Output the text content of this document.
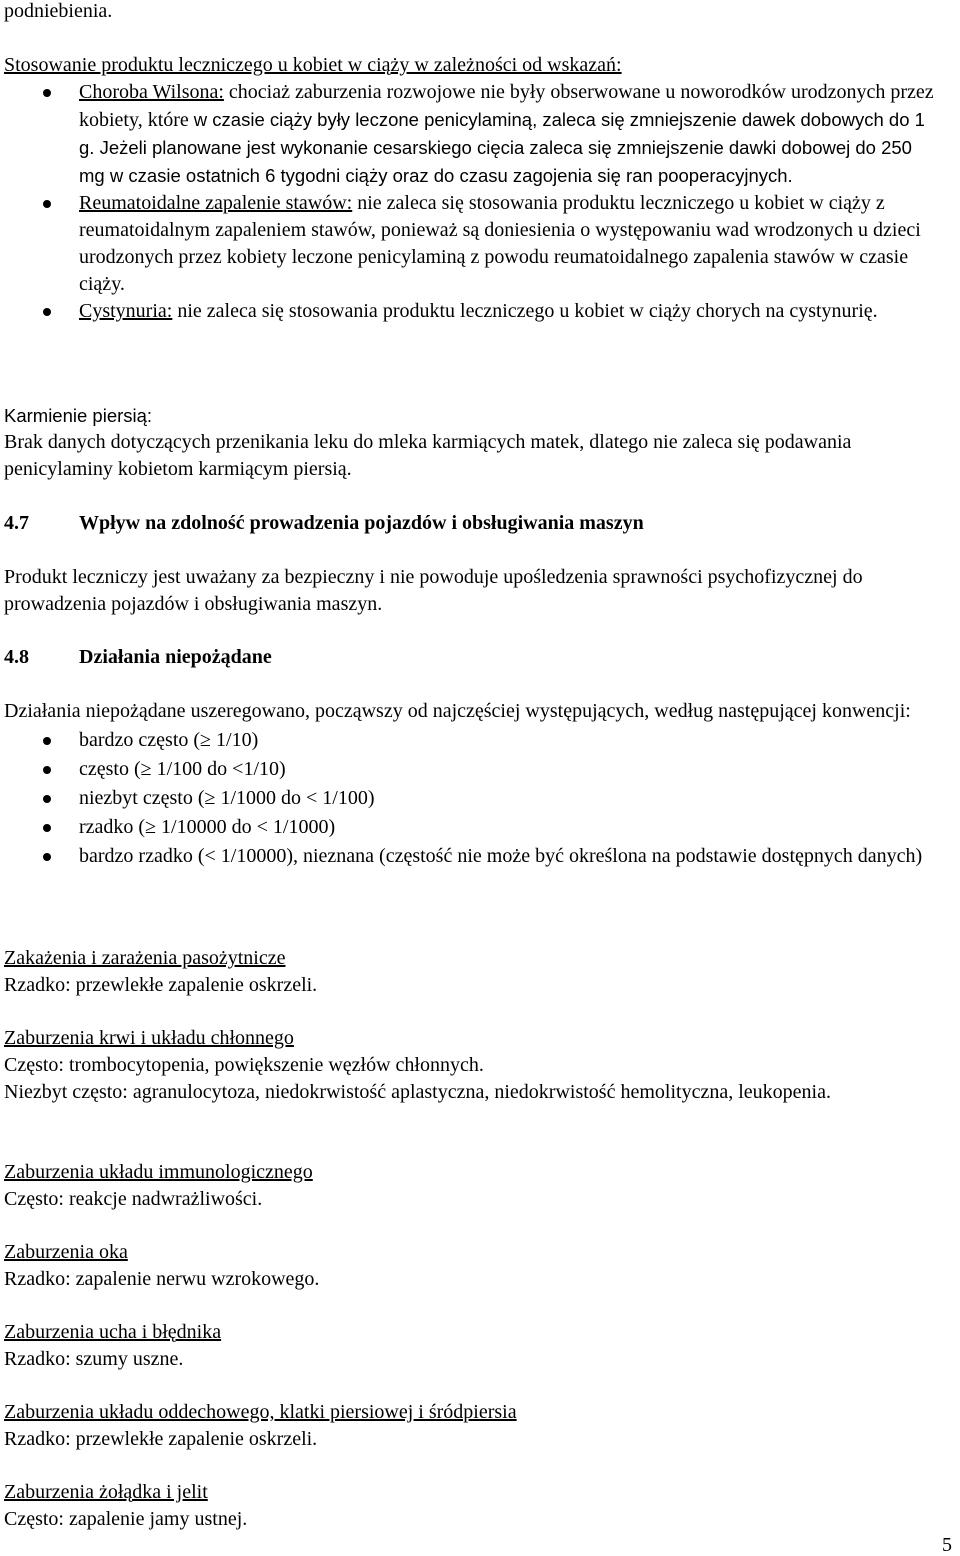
podniebienia.

Stosowanie produktu leczniczego u kobiet w ciąży w zależności od wskazań:

Choroba Wilsona: chociaż zaburzenia rozwojowe nie były obserwowane u noworodków urodzonych przez kobiety, które w czasie ciąży były leczone penicylaminą, zaleca się zmniejszenie dawek dobowych do 1 g. Jeżeli planowane jest wykonanie cesarskiego cięcia zaleca się zmniejszenie dawki dobowej do 250 mg w czasie ostatnich 6 tygodni ciąży oraz do czasu zagojenia się ran pooperacyjnych.
Reumatoidalne zapalenie stawów: nie zaleca się stosowania produktu leczniczego u kobiet w ciąży z reumatoidalnym zapaleniem stawów, ponieważ są doniesienia o występowaniu wad wrodzonych u dzieci urodzonych przez kobiety leczone penicylaminą z powodu reumatoidalnego zapalenia stawów w czasie ciąży.
Cystynuria: nie zaleca się stosowania produktu leczniczego u kobiet w ciąży chorych na cystynurię.

Karmienie piersią:

Brak danych dotyczących przenikania leku do mleka karmiących matek, dlatego nie zaleca się podawania penicylaminy kobietom karmiącym piersią.

4.7	Wpływ na zdolność prowadzenia pojazdów i obsługiwania maszyn

Produkt leczniczy jest uważany za bezpieczny i nie powoduje upośledzenia sprawności psychofizycznej do prowadzenia pojazdów i obsługiwania maszyn.

4.8	Działania niepożądane

Działania niepożądane uszeregowano, począwszy od najczęściej występujących, według następującej konwencji:

bardzo często (≥ 1/10)
często (≥ 1/100 do <1/10)
niezbyt często (≥ 1/1000 do < 1/100)
rzadko (≥ 1/10000 do < 1/1000)
bardzo rzadko (< 1/10000), nieznana (częstość nie może być określona na podstawie dostępnych danych)

Zakażenia i zarażenia pasożytnicze

Rzadko: przewlekłe zapalenie oskrzeli.

Zaburzenia krwi i układu chłonnego

Często: trombocytopenia, powiększenie węzłów chłonnych.

Niezbyt często: agranulocytoza, niedokrwistość aplastyczna, niedokrwistość hemolityczna, leukopenia.

Zaburzenia układu immunologicznego

Często: reakcje nadwrażliwości.

Zaburzenia oka

Rzadko: zapalenie nerwu wzrokowego.

Zaburzenia ucha i błędnika

Rzadko: szumy uszne.

Zaburzenia układu oddechowego, klatki piersiowej i śródpiersia

Rzadko: przewlekłe zapalenie oskrzeli.

Zaburzenia żołądka i jelit

Często: zapalenie jamy ustnej.

5
